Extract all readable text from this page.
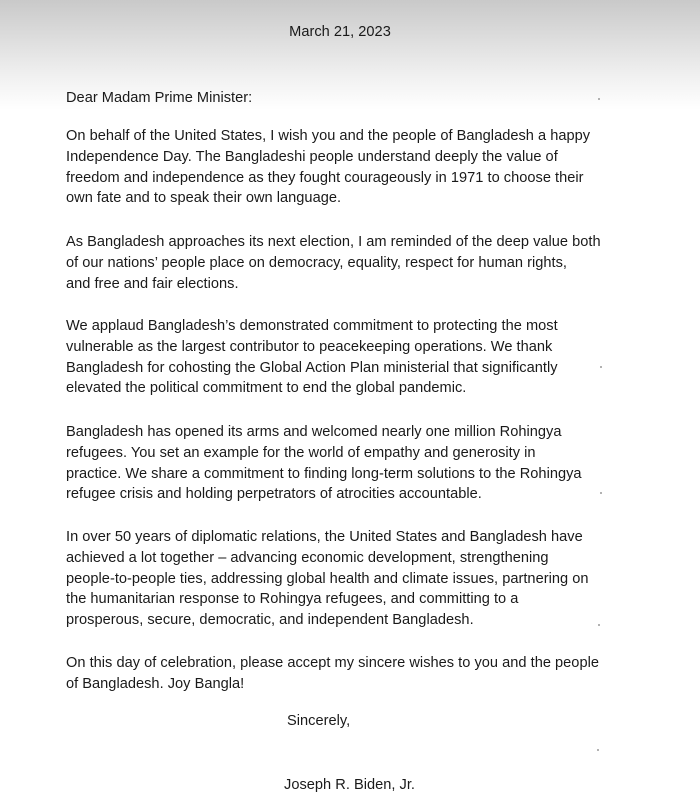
March 21, 2023
Dear Madam Prime Minister:

On behalf of the United States, I wish you and the people of Bangladesh a happy
Independence Day. The Bangladeshi people understand deeply the value of
freedom and independence as they fought courageously in 1971 to choose their
own fate and to speak their own language.

As Bangladesh approaches its next election, I am reminded of the deep value both
of our nations’ people place on democracy, equality, respect for human rights,
and free and fair elections.

We applaud Bangladesh’s demonstrated commitment to protecting the most
vulnerable as the largest contributor to peacekeeping operations. We thank
Bangladesh for cohosting the Global Action Plan ministerial that significantly
elevated the political commitment to end the global pandemic.

Bangladesh has opened its arms and welcomed nearly one million Rohingya
refugees. You set an example for the world of empathy and generosity in
practice. We share a commitment to finding long-term solutions to the Rohingya
refugee crisis and holding perpetrators of atrocities accountable.

In over 50 years of diplomatic relations, the United States and Bangladesh have
achieved a lot together – advancing economic development, strengthening
people-to-people ties, addressing global health and climate issues, partnering on
the humanitarian response to Rohingya refugees, and committing to a
prosperous, secure, democratic, and independent Bangladesh.

On this day of celebration, please accept my sincere wishes to you and the people
of Bangladesh. Joy Bangla!

Sincerely,
Joseph R. Biden, Jr.
